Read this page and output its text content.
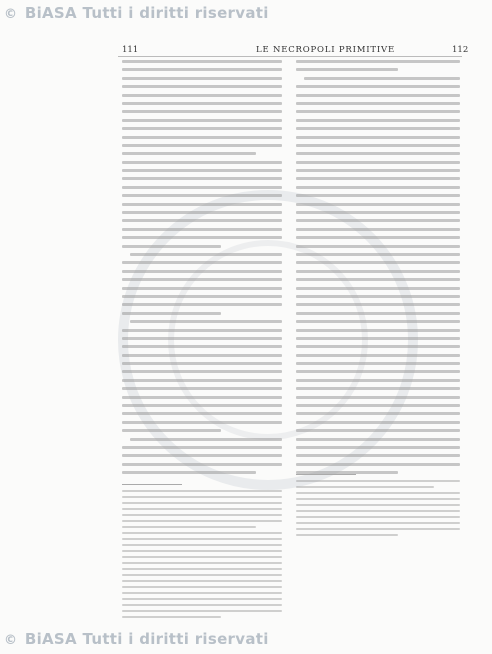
© BiASA Tutti i diritti riservati
111	LE NECROPOLI PRIMITIVE	112
© BiASA Tutti i diritti riservati
